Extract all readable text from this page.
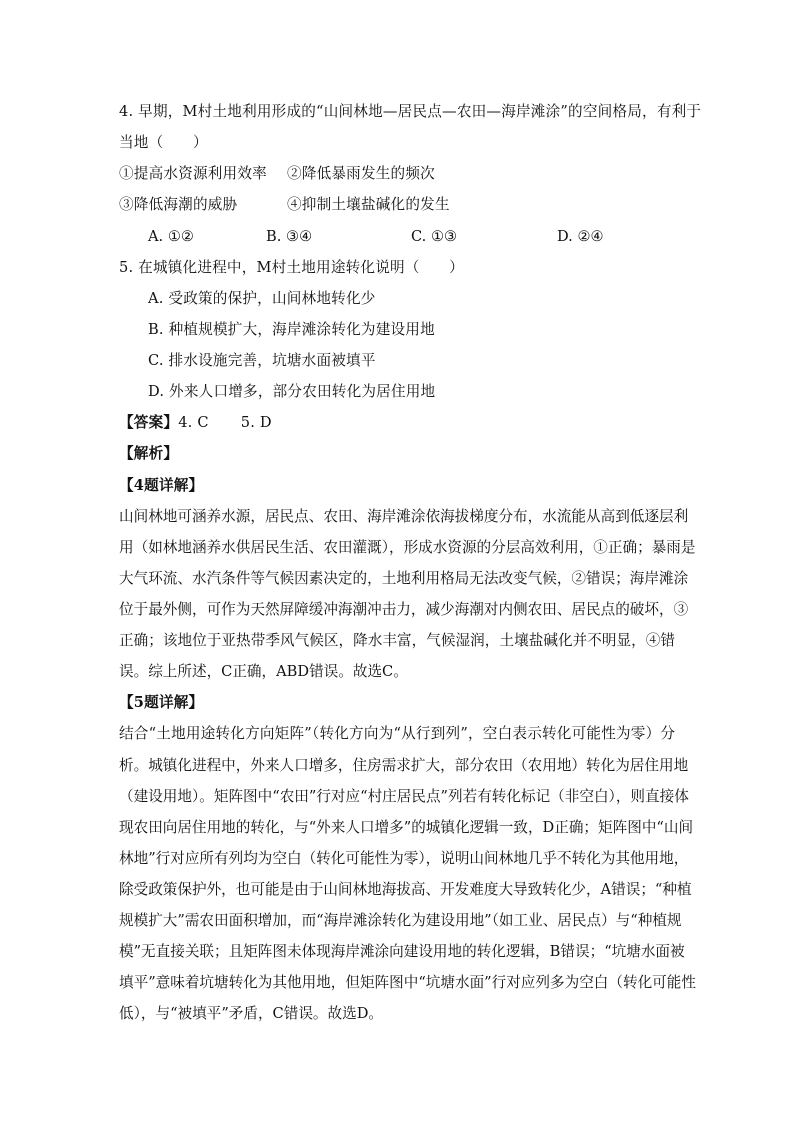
4. 早期，M村土地利用形成的“山间林地—居民点—农田—海岸滩涂”的空间格局，有利于
当地（　　）
①提高水资源利用效率 ②降低暴雨发生的频次
③降低海潮的威胁	④抑制土壤盐碱化的发生
A. ①②	B. ③④	C. ①③	D. ②④
5. 在城镇化进程中，M村土地用途转化说明（　　）
A. 受政策的保护，山间林地转化少
B. 种植规模扩大，海岸滩涂转化为建设用地
C. 排水设施完善，坑塘水面被填平
D. 外来人口增多，部分农田转化为居住用地
【答案】4. C 5. D
【解析】
【4题详解】
山间林地可涵养水源，居民点、农田、海岸滩涂依海拔梯度分布，水流能从高到低逐层利
用（如林地涵养水供居民生活、农田灌溉），形成水资源的分层高效利用，①正确；暴雨是
大气环流、水汽条件等气候因素决定的，土地利用格局无法改变气候，②错误；海岸滩涂
位于最外侧，可作为天然屏障缓冲海潮冲击力，减少海潮对内侧农田、居民点的破坏，③
正确；该地位于亚热带季风气候区，降水丰富，气候湿润，土壤盐碱化并不明显，④错
误。综上所述，C正确，ABD错误。故选C。
【5题详解】
结合“土地用途转化方向矩阵”（转化方向为“从行到列”，空白表示转化可能性为零）分
析。城镇化进程中，外来人口增多，住房需求扩大，部分农田（农用地）转化为居住用地
（建设用地）。矩阵图中“农田”行对应“村庄居民点”列若有转化标记（非空白），则直接体
现农田向居住用地的转化，与“外来人口增多”的城镇化逻辑一致，D正确；矩阵图中“山间
林地”行对应所有列均为空白（转化可能性为零），说明山间林地几乎不转化为其他用地，
除受政策保护外，也可能是由于山间林地海拔高、开发难度大导致转化少，A错误；“种植
规模扩大”需农田面积增加，而“海岸滩涂转化为建设用地”（如工业、居民点）与“种植规
模”无直接关联；且矩阵图未体现海岸滩涂向建设用地的转化逻辑，B错误；“坑塘水面被
填平”意味着坑塘转化为其他用地，但矩阵图中“坑塘水面”行对应列多为空白（转化可能性
低），与“被填平”矛盾，C错误。故选D。
